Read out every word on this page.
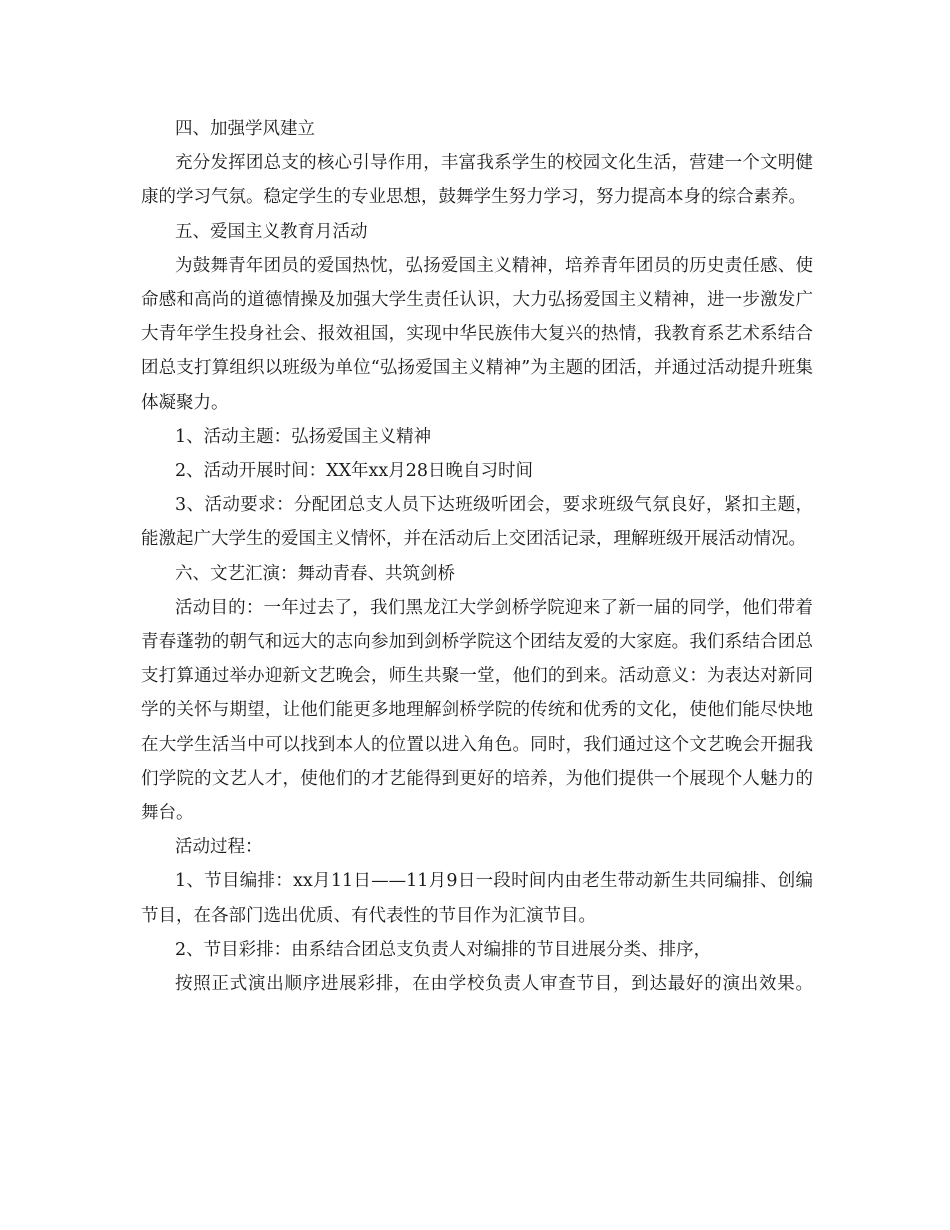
四、加强学风建立

充分发挥团总支的核心引导作用，丰富我系学生的校园文化生活，营建一个文明健康的学习气氛。稳定学生的专业思想，鼓舞学生努力学习，努力提高本身的综合素养。

五、爱国主义教育月活动

为鼓舞青年团员的爱国热忱，弘扬爱国主义精神，培养青年团员的历史责任感、使命感和高尚的道德情操及加强大学生责任认识，大力弘扬爱国主义精神，进一步激发广大青年学生投身社会、报效祖国，实现中华民族伟大复兴的热情，我教育系艺术系结合团总支打算组织以班级为单位“弘扬爱国主义精神”为主题的团活，并通过活动提升班集体凝聚力。

1、活动主题：弘扬爱国主义精神

2、活动开展时间：XX年xx月28日晚自习时间

3、活动要求：分配团总支人员下达班级听团会，要求班级气氛良好，紧扣主题，能激起广大学生的爱国主义情怀，并在活动后上交团活记录，理解班级开展活动情况。

六、文艺汇演：舞动青春、共筑剑桥

活动目的：一年过去了，我们黑龙江大学剑桥学院迎来了新一届的同学，他们带着青春蓬勃的朝气和远大的志向参加到剑桥学院这个团结友爱的大家庭。我们系结合团总支打算通过举办迎新文艺晚会，师生共聚一堂，他们的到来。活动意义：为表达对新同学的关怀与期望，让他们能更多地理解剑桥学院的传统和优秀的文化，使他们能尽快地在大学生活当中可以找到本人的位置以进入角色。同时，我们通过这个文艺晚会开掘我们学院的文艺人才，使他们的才艺能得到更好的培养，为他们提供一个展现个人魅力的舞台。

活动过程：

1、节目编排：xx月11日——11月9日一段时间内由老生带动新生共同编排、创编节目，在各部门选出优质、有代表性的节目作为汇演节目。

2、节目彩排：由系结合团总支负责人对编排的节目进展分类、排序，

按照正式演出顺序进展彩排，在由学校负责人审查节目，到达最好的演出效果。
